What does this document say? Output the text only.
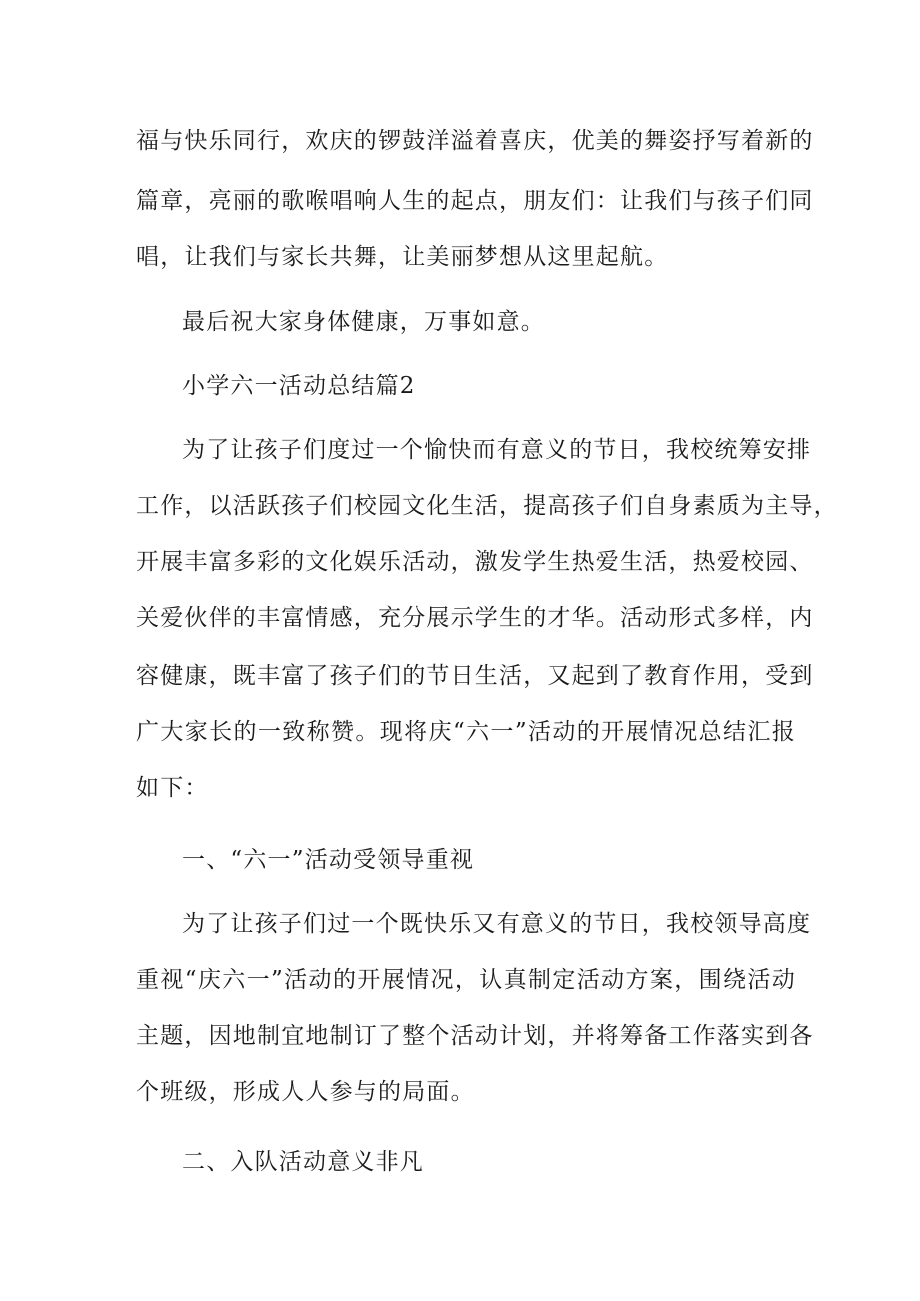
福与快乐同行，欢庆的锣鼓洋溢着喜庆，优美的舞姿抒写着新的
篇章，亮丽的歌喉唱响人生的起点，朋友们：让我们与孩子们同
唱，让我们与家长共舞，让美丽梦想从这里起航。
最后祝大家身体健康，万事如意。
小学六一活动总结篇2
为了让孩子们度过一个愉快而有意义的节日，我校统筹安排
工作，以活跃孩子们校园文化生活，提高孩子们自身素质为主导，
开展丰富多彩的文化娱乐活动，激发学生热爱生活，热爱校园、
关爱伙伴的丰富情感，充分展示学生的才华。活动形式多样，内
容健康，既丰富了孩子们的节日生活，又起到了教育作用，受到
广大家长的一致称赞。现将庆“六一”活动的开展情况总结汇报
如下：
一、“六一”活动受领导重视
为了让孩子们过一个既快乐又有意义的节日，我校领导高度
重视“庆六一”活动的开展情况，认真制定活动方案，围绕活动
主题，因地制宜地制订了整个活动计划，并将筹备工作落实到各
个班级，形成人人参与的局面。
二、入队活动意义非凡
